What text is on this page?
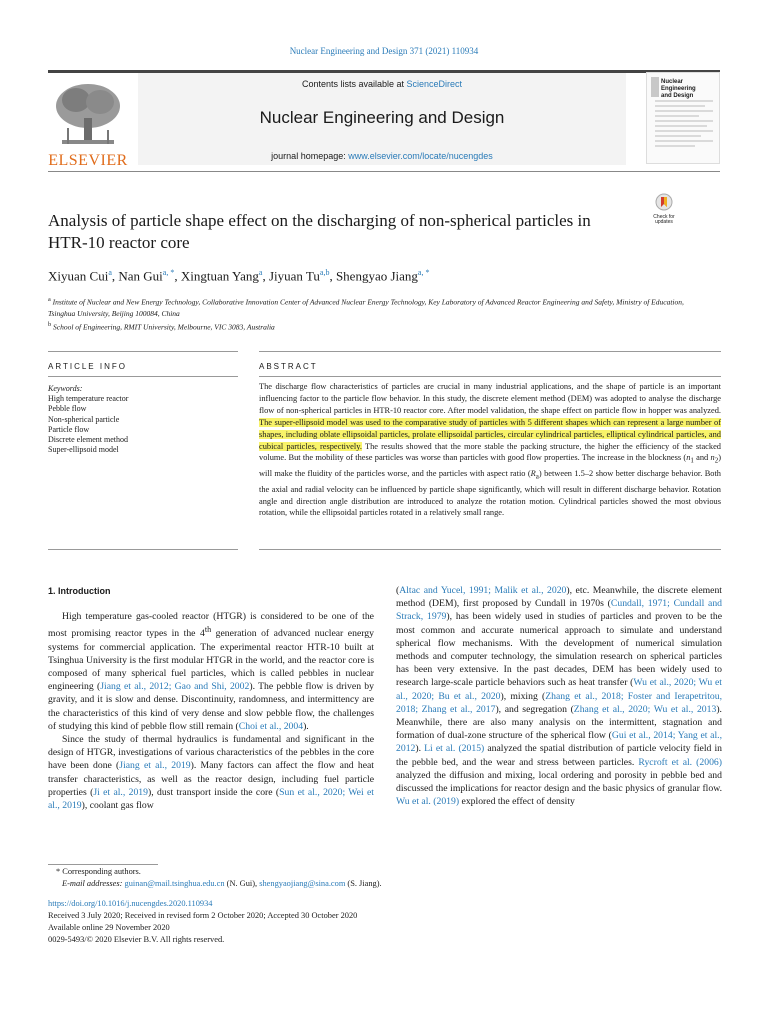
Nuclear Engineering and Design 371 (2021) 110934
ELSEVIER
Contents lists available at ScienceDirect
Nuclear Engineering and Design
journal homepage: www.elsevier.com/locate/nucengdes
Nuclear Engineering
and Design
Check for updates
Analysis of particle shape effect on the discharging of non-spherical particles in HTR-10 reactor core
Xiyuan Cui$^a$, Nan Gui$^{a, *}$, Xingtuan Yang$^a$, Jiyuan Tu$^{a,b}$, Shengyao Jiang$^{a, *}$
$^a$ Institute of Nuclear and New Energy Technology, Collaborative Innovation Center of Advanced Nuclear Energy Technology, Key Laboratory of Advanced Reactor Engineering and Safety, Ministry of Education, Tsinghua University, Beijing 100084, China
$^b$ School of Engineering, RMIT University, Melbourne, VIC 3083, Australia
ARTICLE INFO	ABSTRACT
Keywords:
High temperature reactor
Pebble flow
Non-spherical particle
Particle flow
Discrete element method
Super-ellipsoid model
The discharge flow characteristics of particles are crucial in many industrial applications, and the shape of particle is an important influencing factor to the particle flow behavior. In this study, the discrete element method (DEM) was adopted to analyse the discharge flow of non-spherical particles in HTR-10 reactor core. After model validation, the shape effect on particle flow in hopper was analyzed. The super-ellipsoid model was used to the comparative study of particles with 5 different shapes which can represent a large number of shapes, including oblate ellipsoidal particles, prolate ellipsoidal particles, circular cylindrical particles, elliptical cylindrical particles, and cubical particles, respectively. The results showed that the more stable the packing structure, the higher the efficiency of the stacked volume. But the mobility of these particles was worse than particles with good flow properties. The increase in the blockness ($n_1$ and $n_2$) will make the fluidity of the particles worse, and the particles with aspect ratio $(R_a)$ between 1.5–2 show better discharge behavior. Both the axial and radial velocity can be influenced by particle shape significantly, which will result in different discharge behavior. Rotation angle and direction angle distribution are introduced to analyze the rotation motion. Cylindrical particles showed the most obvious rotation, while the ellipsoidal particles rotated in a relatively small range.
1. Introduction

High temperature gas-cooled reactor (HTGR) is considered to be one of the most promising reactor types in the 4th generation of advanced nuclear energy systems for commercial application. The experimental reactor HTR-10 built at Tsinghua University is the first modular HTGR in the world, and the reactor core is composed of many spherical fuel particles, which is called pebbles in nuclear engineering (Jiang et al., 2012; Gao and Shi, 2002). The pebble flow is driven by gravity, and it is slow and dense. Discontinuity, randomness, and intermittency are the characteristics of this kind of very dense and slow pebble flow, the challenges of studying this kind of pebble flow still remain (Choi et al., 2004).

Since the study of thermal hydraulics is fundamental and significant in the design of HTGR, investigations of various characteristics of the pebbles in the core have been done (Jiang et al., 2019). Many factors can affect the flow and heat transfer characteristics, as well as the reactor design, including fuel particle properties (Ji et al., 2019), dust transport inside the core (Sun et al., 2020; Wei et al., 2019), coolant gas flow

(Altac and Yucel, 1991; Malik et al., 2020), etc. Meanwhile, the discrete element method (DEM), first proposed by Cundall in 1970s (Cundall, 1971; Cundall and Strack, 1979), has been widely used in studies of particles and proven to be the most common and accurate numerical approach to simulate and understand spherical flow mechanisms. With the development of numerical simulation methods and computer technology, the simulation research on spherical particles has been very extensive. In the past decades, DEM has been widely used to research large-scale particle behaviors such as heat transfer (Wu et al., 2020; Wu et al., 2020; Bu et al., 2020), mixing (Zhang et al., 2018; Foster and Ierapetritou, 2018; Zhang et al., 2017), and segregation (Zhang et al., 2020; Wu et al., 2013). Meanwhile, there are also many analysis on the intermittent, stagnation and formation of dual-zone structure of the spherical flow (Gui et al., 2014; Yang et al., 2012). Li et al. (2015) analyzed the spatial distribution of particle velocity field in the pebble bed, and the wear and stress between particles. Rycroft et al. (2006) analyzed the diffusion and mixing, local ordering and porosity in pebble bed and discussed the implications for reactor design and the basic physics of granular flow. Wu et al. (2019) explored the effect of density

* Corresponding authors.
E-mail addresses: guinan@mail.tsinghua.edu.cn (N. Gui), shengyaojiang@sina.com (S. Jiang).
https://doi.org/10.1016/j.nucengdes.2020.110934
Received 3 July 2020; Received in revised form 2 October 2020; Accepted 30 October 2020
Available online 29 November 2020
0029-5493/© 2020 Elsevier B.V. All rights reserved.
